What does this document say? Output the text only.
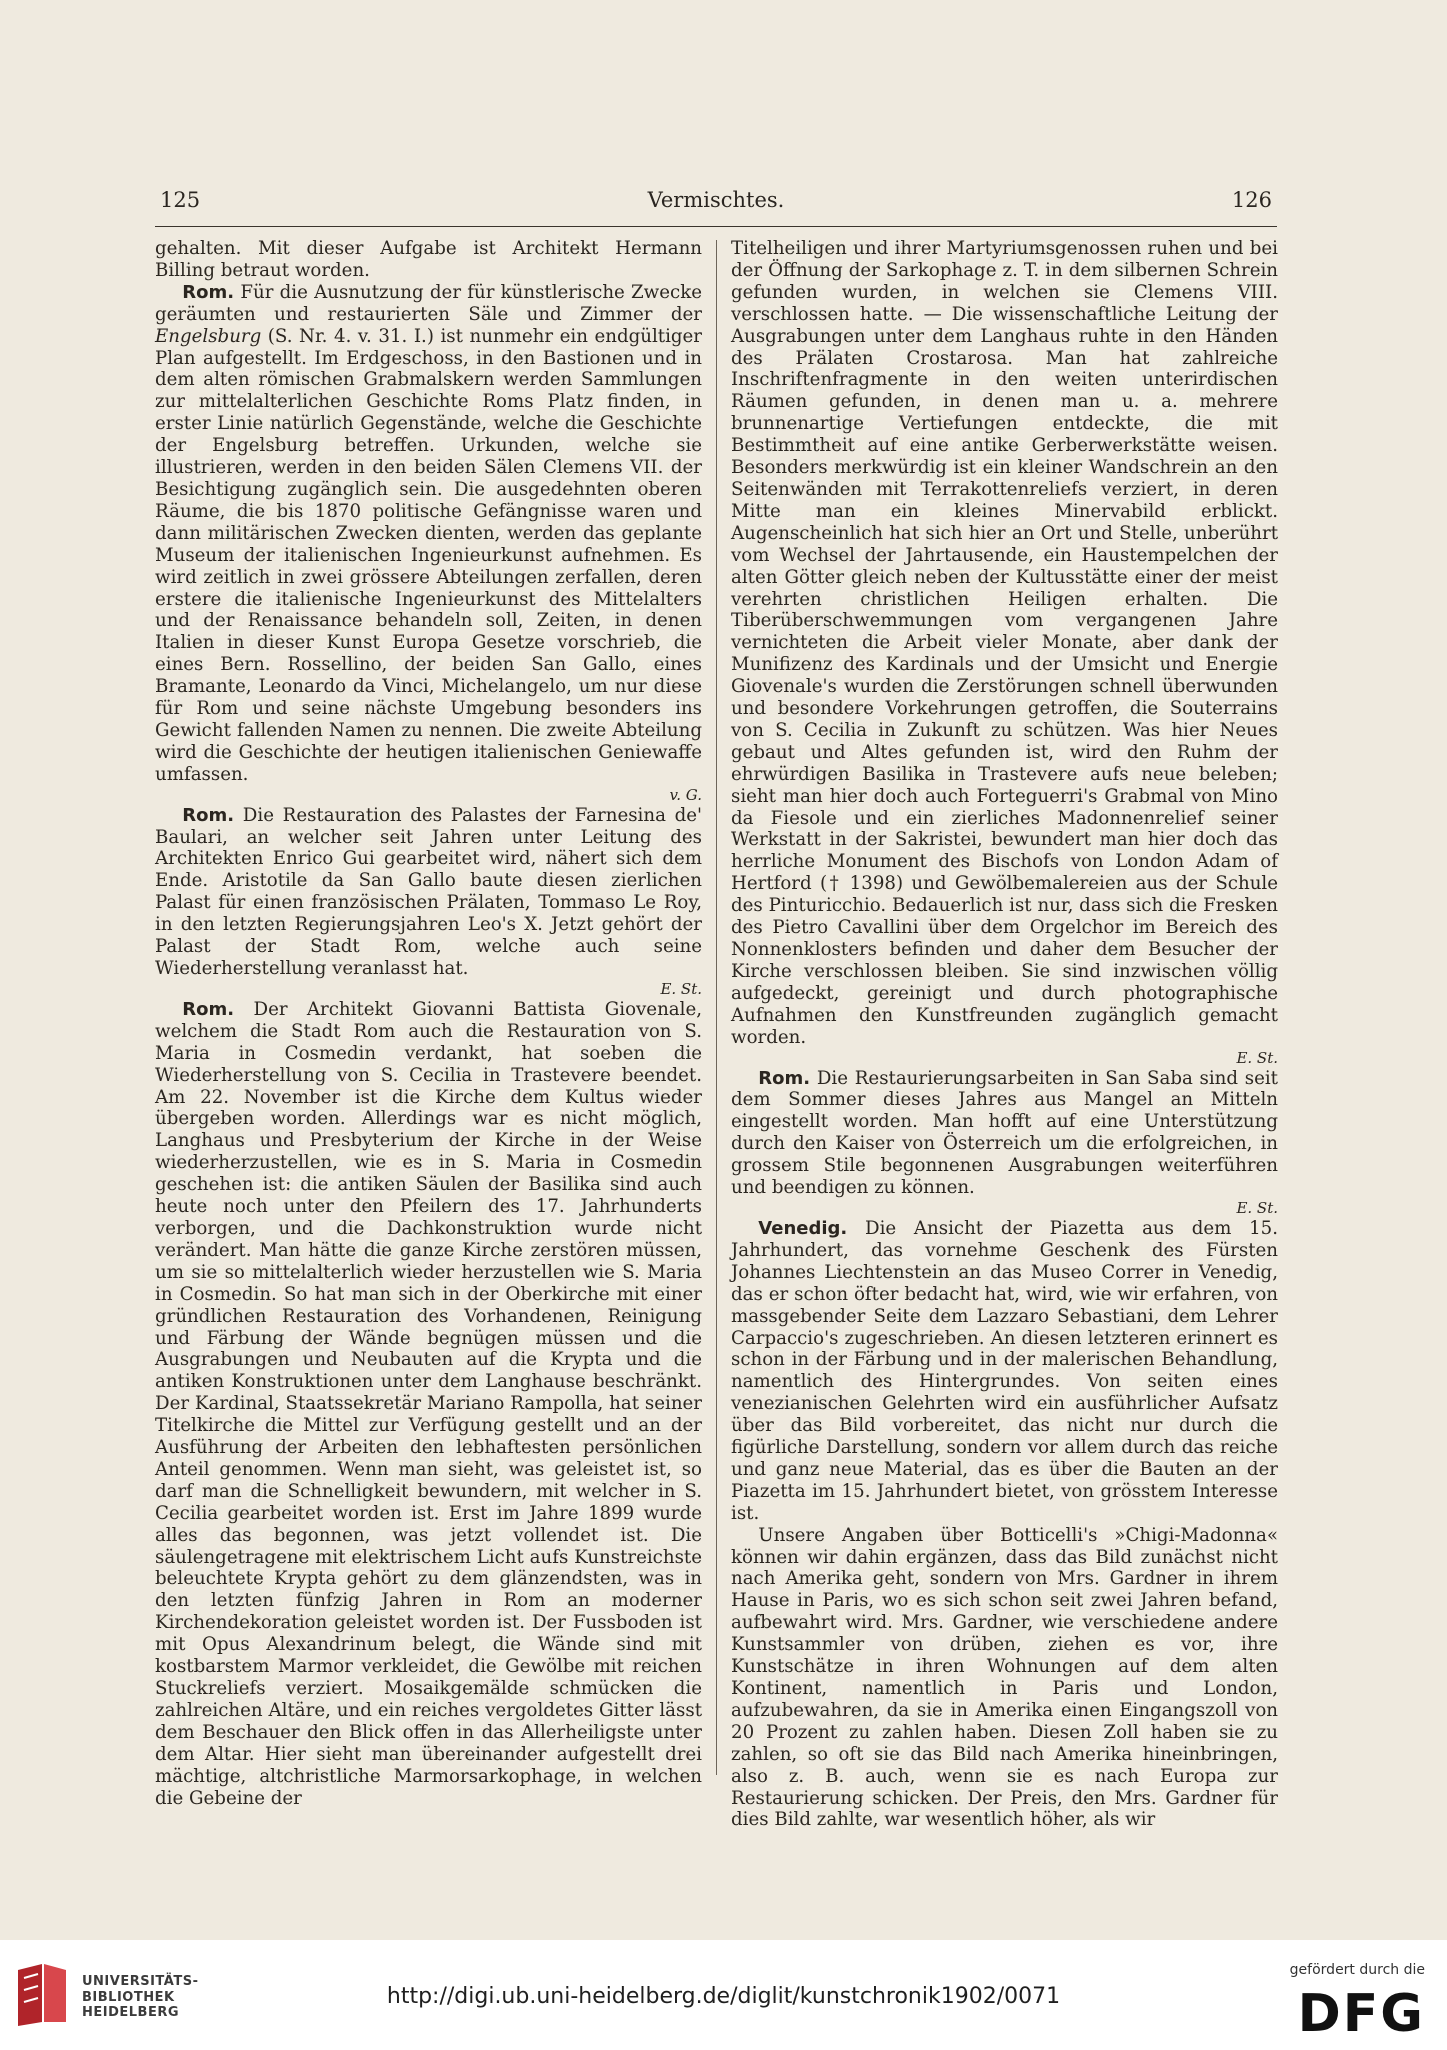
125	Vermischtes.	126

gehalten. Mit dieser Aufgabe ist Architekt Hermann Billing betraut worden.

Rom. Für die Ausnutzung der für künstlerische Zwecke geräumten und restaurierten Säle und Zimmer der Engelsburg (S. Nr. 4. v. 31. I.) ist nunmehr ein endgültiger Plan aufgestellt. Im Erdgeschoss, in den Bastionen und in dem alten römischen Grabmalskern werden Sammlungen zur mittelalterlichen Geschichte Roms Platz finden, in erster Linie natürlich Gegenstände, welche die Geschichte der Engelsburg betreffen. Urkunden, welche sie illustrieren, werden in den beiden Sälen Clemens VII. der Besichtigung zugänglich sein. Die ausgedehnten oberen Räume, die bis 1870 politische Gefängnisse waren und dann militärischen Zwecken dienten, werden das geplante Museum der italienischen Ingenieurkunst aufnehmen. Es wird zeitlich in zwei grössere Abteilungen zerfallen, deren erstere die italienische Ingenieurkunst des Mittelalters und der Renaissance behandeln soll, Zeiten, in denen Italien in dieser Kunst Europa Gesetze vorschrieb, die eines Bern. Rossellino, der beiden San Gallo, eines Bramante, Leonardo da Vinci, Michelangelo, um nur diese für Rom und seine nächste Umgebung besonders ins Gewicht fallenden Namen zu nennen. Die zweite Abteilung wird die Geschichte der heutigen italienischen Geniewaffe umfassen.
v. G.

Rom. Die Restauration des Palastes der Farnesina de' Baulari, an welcher seit Jahren unter Leitung des Architekten Enrico Gui gearbeitet wird, nähert sich dem Ende. Aristotile da San Gallo baute diesen zierlichen Palast für einen französischen Prälaten, Tommaso Le Roy, in den letzten Regierungsjahren Leo's X. Jetzt gehört der Palast der Stadt Rom, welche auch seine Wiederherstellung veranlasst hat.
E. St.

Rom. Der Architekt Giovanni Battista Giovenale, welchem die Stadt Rom auch die Restauration von S. Maria in Cosmedin verdankt, hat soeben die Wiederherstellung von S. Cecilia in Trastevere beendet. Am 22. November ist die Kirche dem Kultus wieder übergeben worden. Allerdings war es nicht möglich, Langhaus und Presbyterium der Kirche in der Weise wiederherzustellen, wie es in S. Maria in Cosmedin geschehen ist: die antiken Säulen der Basilika sind auch heute noch unter den Pfeilern des 17. Jahrhunderts verborgen, und die Dachkonstruktion wurde nicht verändert. Man hätte die ganze Kirche zerstören müssen, um sie so mittelalterlich wieder herzustellen wie S. Maria in Cosmedin. So hat man sich in der Oberkirche mit einer gründlichen Restauration des Vorhandenen, Reinigung und Färbung der Wände begnügen müssen und die Ausgrabungen und Neubauten auf die Krypta und die antiken Konstruktionen unter dem Langhause beschränkt. Der Kardinal, Staatssekretär Mariano Rampolla, hat seiner Titelkirche die Mittel zur Verfügung gestellt und an der Ausführung der Arbeiten den lebhaftesten persönlichen Anteil genommen. Wenn man sieht, was geleistet ist, so darf man die Schnelligkeit bewundern, mit welcher in S. Cecilia gearbeitet worden ist. Erst im Jahre 1899 wurde alles das begonnen, was jetzt vollendet ist. Die säulengetragene mit elektrischem Licht aufs Kunstreichste beleuchtete Krypta gehört zu dem glänzendsten, was in den letzten fünfzig Jahren in Rom an moderner Kirchendekoration geleistet worden ist. Der Fussboden ist mit Opus Alexandrinum belegt, die Wände sind mit kostbarstem Marmor verkleidet, die Gewölbe mit reichen Stuckreliefs verziert. Mosaikgemälde schmücken die zahlreichen Altäre, und ein reiches vergoldetes Gitter lässt dem Beschauer den Blick offen in das Allerheiligste unter dem Altar. Hier sieht man übereinander aufgestellt drei mächtige, altchristliche Marmorsarkophage, in welchen die Gebeine der

Titelheiligen und ihrer Martyriumsgenossen ruhen und bei der Öffnung der Sarkophage z. T. in dem silbernen Schrein gefunden wurden, in welchen sie Clemens VIII. verschlossen hatte. — Die wissenschaftliche Leitung der Ausgrabungen unter dem Langhaus ruhte in den Händen des Prälaten Crostarosa. Man hat zahlreiche Inschriftenfragmente in den weiten unterirdischen Räumen gefunden, in denen man u. a. mehrere brunnenartige Vertiefungen entdeckte, die mit Bestimmtheit auf eine antike Gerberwerkstätte weisen. Besonders merkwürdig ist ein kleiner Wandschrein an den Seitenwänden mit Terrakottenreliefs verziert, in deren Mitte man ein kleines Minervabild erblickt. Augenscheinlich hat sich hier an Ort und Stelle, unberührt vom Wechsel der Jahrtausende, ein Haustempelchen der alten Götter gleich neben der Kultusstätte einer der meist verehrten christlichen Heiligen erhalten. Die Tiberüberschwemmungen vom vergangenen Jahre vernichteten die Arbeit vieler Monate, aber dank der Munifizenz des Kardinals und der Umsicht und Energie Giovenale's wurden die Zerstörungen schnell überwunden und besondere Vorkehrungen getroffen, die Souterrains von S. Cecilia in Zukunft zu schützen. Was hier Neues gebaut und Altes gefunden ist, wird den Ruhm der ehrwürdigen Basilika in Trastevere aufs neue beleben; sieht man hier doch auch Forteguerri's Grabmal von Mino da Fiesole und ein zierliches Madonnenrelief seiner Werkstatt in der Sakristei, bewundert man hier doch das herrliche Monument des Bischofs von London Adam of Hertford († 1398) und Gewölbemalereien aus der Schule des Pinturicchio. Bedauerlich ist nur, dass sich die Fresken des Pietro Cavallini über dem Orgelchor im Bereich des Nonnenklosters befinden und daher dem Besucher der Kirche verschlossen bleiben. Sie sind inzwischen völlig aufgedeckt, gereinigt und durch photographische Aufnahmen den Kunstfreunden zugänglich gemacht worden.
E. St.

Rom. Die Restaurierungsarbeiten in San Saba sind seit dem Sommer dieses Jahres aus Mangel an Mitteln eingestellt worden. Man hofft auf eine Unterstützung durch den Kaiser von Österreich um die erfolgreichen, in grossem Stile begonnenen Ausgrabungen weiterführen und beendigen zu können.
E. St.

Venedig. Die Ansicht der Piazetta aus dem 15. Jahrhundert, das vornehme Geschenk des Fürsten Johannes Liechtenstein an das Museo Correr in Venedig, das er schon öfter bedacht hat, wird, wie wir erfahren, von massgebender Seite dem Lazzaro Sebastiani, dem Lehrer Carpaccio's zugeschrieben. An diesen letzteren erinnert es schon in der Färbung und in der malerischen Behandlung, namentlich des Hintergrundes. Von seiten eines venezianischen Gelehrten wird ein ausführlicher Aufsatz über das Bild vorbereitet, das nicht nur durch die figürliche Darstellung, sondern vor allem durch das reiche und ganz neue Material, das es über die Bauten an der Piazetta im 15. Jahrhundert bietet, von grösstem Interesse ist.

Unsere Angaben über Botticelli's »Chigi-Madonna« können wir dahin ergänzen, dass das Bild zunächst nicht nach Amerika geht, sondern von Mrs. Gardner in ihrem Hause in Paris, wo es sich schon seit zwei Jahren befand, aufbewahrt wird. Mrs. Gardner, wie verschiedene andere Kunstsammler von drüben, ziehen es vor, ihre Kunstschätze in ihren Wohnungen auf dem alten Kontinent, namentlich in Paris und London, aufzubewahren, da sie in Amerika einen Eingangszoll von 20 Prozent zu zahlen haben. Diesen Zoll haben sie zu zahlen, so oft sie das Bild nach Amerika hineinbringen, also z. B. auch, wenn sie es nach Europa zur Restaurierung schicken. Der Preis, den Mrs. Gardner für dies Bild zahlte, war wesentlich höher, als wir

UNIVERSITÄTS-
BIBLIOTHEK
HEIDELBERG
http://digi.ub.uni-heidelberg.de/diglit/kunstchronik1902/0071
gefördert durch die
DFG
